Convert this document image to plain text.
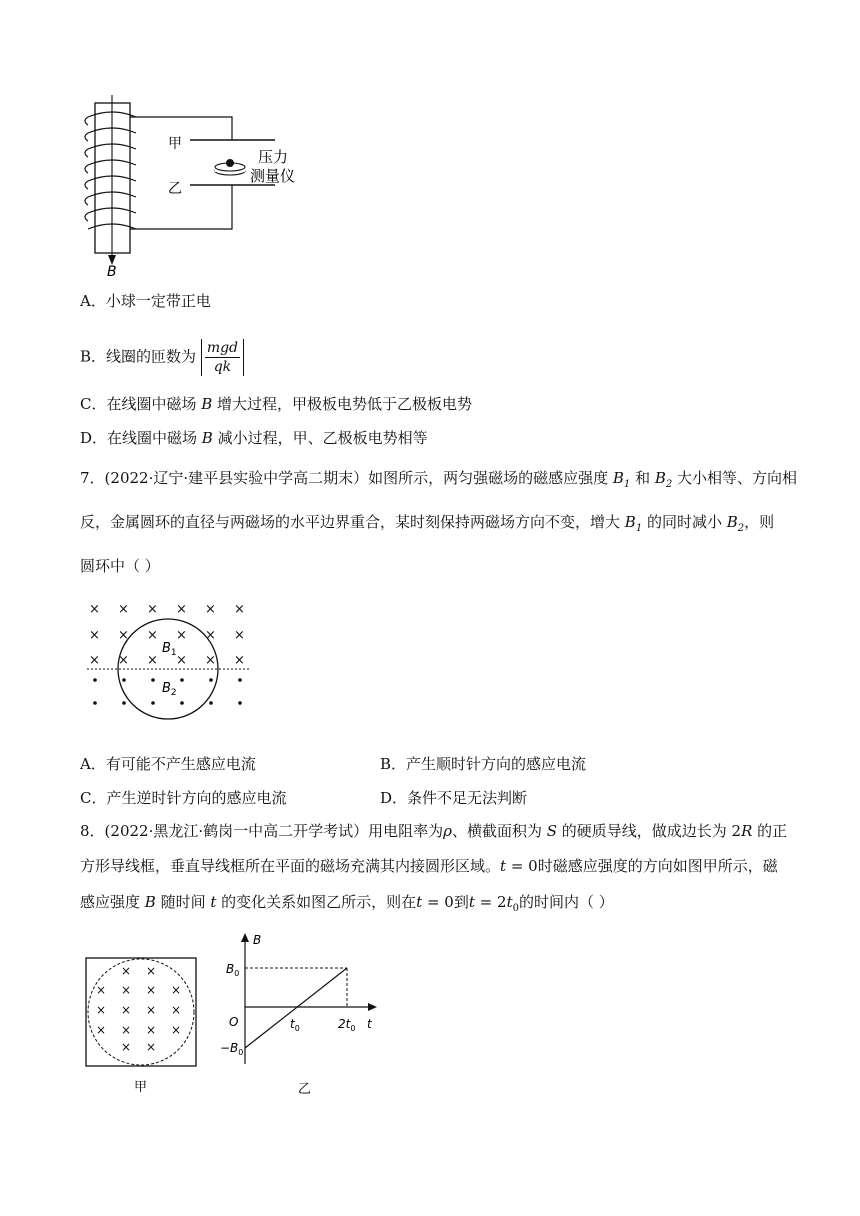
甲
乙
压力
测量仪
B
A．小球一定带正电
B．线圈的匝数为 $\frac{\text{mgd}}{qk}$
C．在线圈中磁场 B 增大过程，甲极板电势低于乙极板电势
D．在线圈中磁场 B 减小过程，甲、乙极板电势相等
7．(2022·辽宁·建平县实验中学高二期末）如图所示，两匀强磁场的磁感应强度 $B_1$ 和 $B_2$ 大小相等、方向相
反，金属圆环的直径与两磁场的水平边界重合，某时刻保持两磁场方向不变，增大 $B_1$ 的同时减小 $B_2$，则
圆环中（ ）
× × × × × ×
× × × × × ×
× × × × × ×
$B_1$
$B_2$
A．有可能不产生感应电流	B．产生顺时针方向的感应电流
C．产生逆时针方向的感应电流	D．条件不足无法判断
8．(2022·黑龙江·鹤岗一中高二开学考试）用电阻率为ρ、横截面积为 S 的硬质导线，做成边长为 2R 的正
方形导线框，垂直导线框所在平面的磁场充满其内接圆形区域。t = 0时磁感应强度的方向如图甲所示，磁
感应强度 B 随时间 t 的变化关系如图乙所示，则在t = 0到$t = 2t_0$的时间内（ ）
× ×
× × × ×
× × × ×
× × × ×
× ×
甲
B
t
O
$B_0$
$-B_0$
$t_0$	$2t_0$
乙
